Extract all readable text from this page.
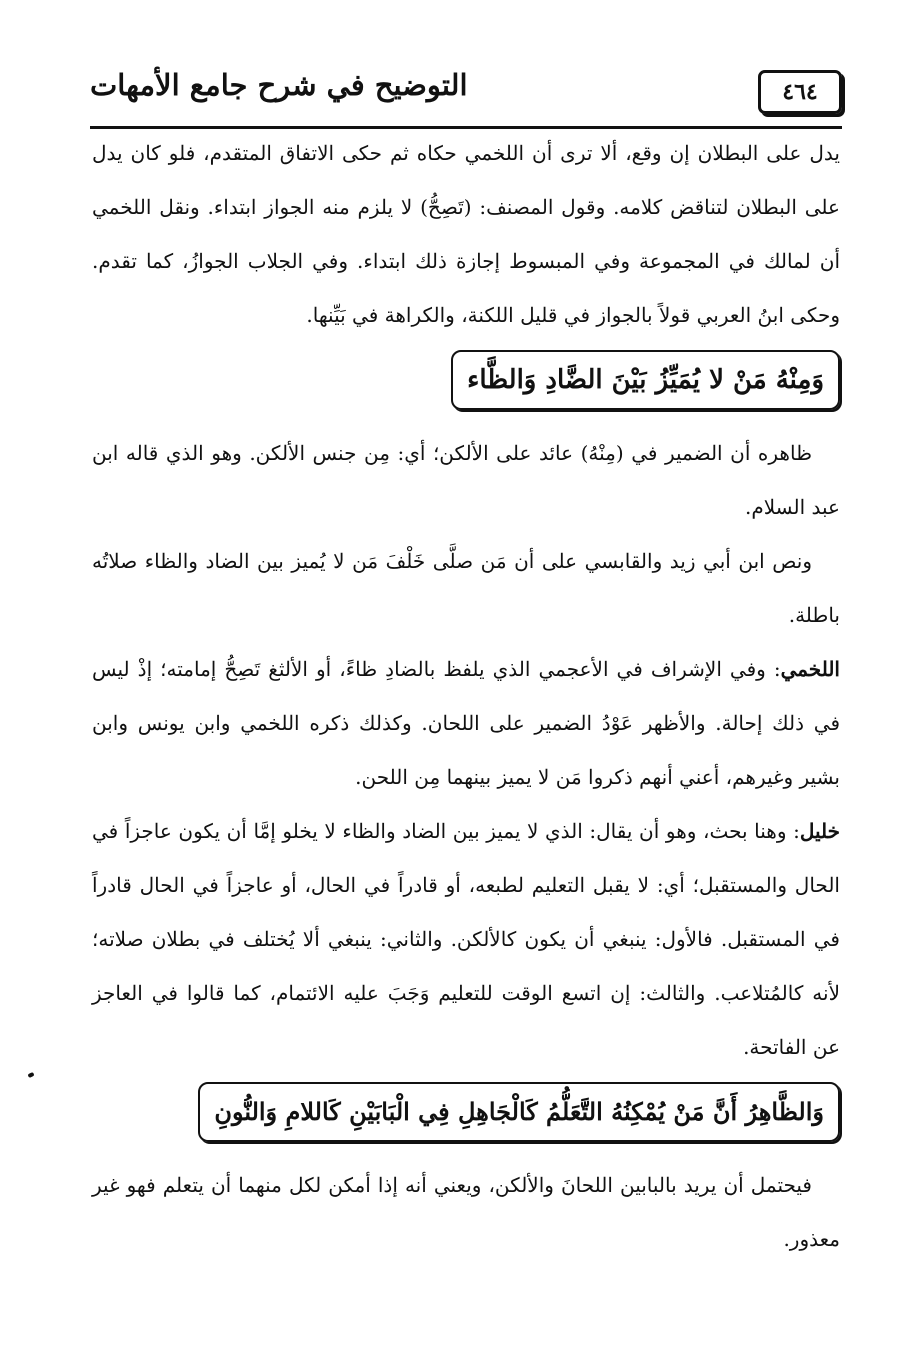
٤٦٤
التوضيح في شرح جامع الأمهات

يدل على البطلان إن وقع، ألا ترى أن اللخمي حكاه ثم حكى الاتفاق المتقدم، فلو كان يدل على البطلان لتناقض كلامه. وقول المصنف: (تَصِحُّ) لا يلزم منه الجواز ابتداء. ونقل اللخمي أن لمالك في المجموعة وفي المبسوط إجازة ذلك ابتداء. وفي الجلاب الجوازُ، كما تقدم. وحكى ابنُ العربي قولاً بالجواز في قليل اللكنة، والكراهة في بَيِّنها.

وَمِنْهُ مَنْ لا يُمَيِّزُ بَيْنَ الضَّادِ وَالظَّاء

ظاهره أن الضمير في (مِنْهُ) عائد على الألكن؛ أي: مِن جنس الألكن. وهو الذي قاله ابن عبد السلام.

ونص ابن أبي زيد والقابسي على أن مَن صلَّى خَلْفَ مَن لا يُميز بين الضاد والظاء صلاتُه باطلة.

اللخمي: وفي الإشراف في الأعجمي الذي يلفظ بالضادِ ظاءً، أو الألثغ تَصِحُّ إمامته؛ إذْ ليس في ذلك إحالة. والأظهر عَوْدُ الضمير على اللحان. وكذلك ذكره اللخمي وابن يونس وابن بشير وغيرهم، أعني أنهم ذكروا مَن لا يميز بينهما مِن اللحن.

خليل: وهنا بحث، وهو أن يقال: الذي لا يميز بين الضاد والظاء لا يخلو إمَّا أن يكون عاجزاً في الحال والمستقبل؛ أي: لا يقبل التعليم لطبعه، أو قادراً في الحال، أو عاجزاً في الحال قادراً في المستقبل. فالأول: ينبغي أن يكون كالألكن. والثاني: ينبغي ألا يُختلف في بطلان صلاته؛ لأنه كالمُتلاعب. والثالث: إن اتسع الوقت للتعليم وَجَبَ عليه الائتمام، كما قالوا في العاجز عن الفاتحة.

وَالظَّاهِرُ أَنَّ مَنْ يُمْكِنُهُ التَّعَلُّمُ كَالْجَاهِلِ فِي الْبَابَيْنِ كَاللامِ وَالنُّونِ

فيحتمل أن يريد بالبابين اللحانَ والألكن، ويعني أنه إذا أمكن لكل منهما أن يتعلم فهو غير معذور.
